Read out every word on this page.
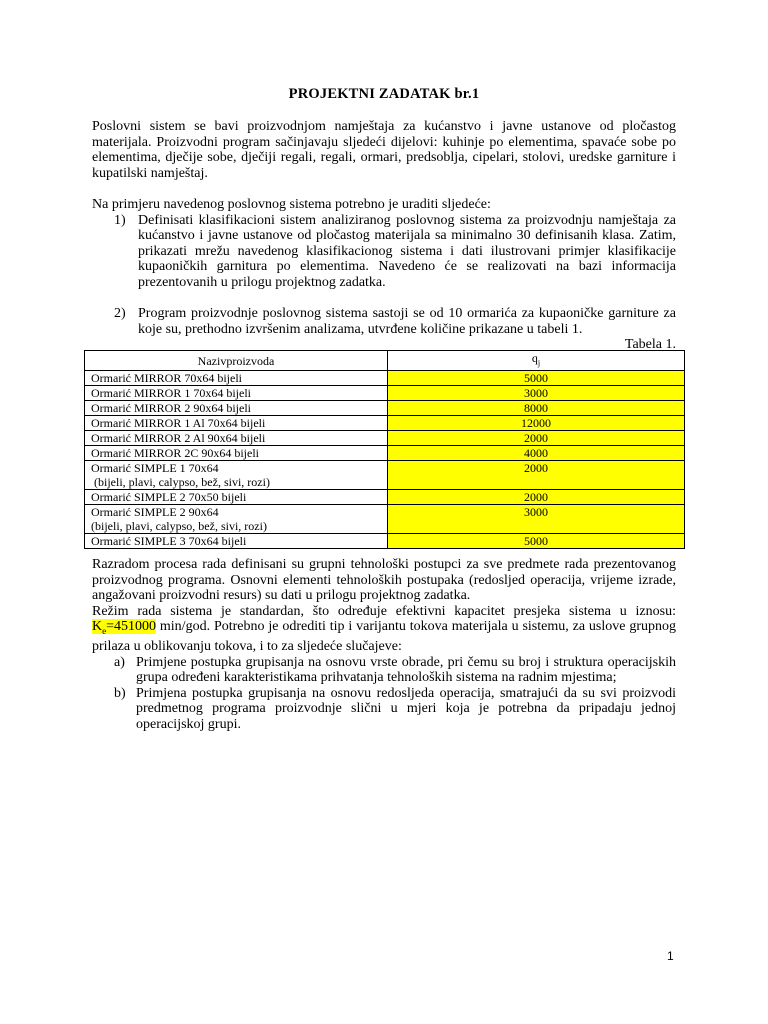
PROJEKTNI ZADATAK br.1

Poslovni sistem se bavi proizvodnjom namještaja za kućanstvo i javne ustanove od pločastog materijala. Proizvodni program sačinjavaju sljedeći dijelovi: kuhinje po elementima, spavaće sobe po elementima, dječije sobe, dječiji regali, regali, ormari, predsoblja, cipelari, stolovi, uredske garniture i kupatilski namještaj.

Na primjeru navedenog poslovnog sistema potrebno je uraditi sljedeće:

1) Definisati klasifikacioni sistem analiziranog poslovnog sistema za proizvodnju namještaja za kućanstvo i javne ustanove od pločastog materijala sa minimalno 30 definisanih klasa. Zatim, prikazati mrežu navedenog klasifikacionog sistema i dati ilustrovani primjer klasifikacije kupaoničkih garnitura po elementima. Navedeno će se realizovati na bazi informacija prezentovanih u prilogu projektnog zadatka.
2) Program proizvodnje poslovnog sistema sastoji se od 10 ormarića za kupaoničke garniture za koje su, prethodno izvršenim analizama, utvrđene količine prikazane u tabeli 1.
Tabela 1.
Nazivproizvoda	$q_j$

Ormarić MIRROR 70x64 bijeli	5000

Ormarić MIRROR 1 70x64 bijeli	3000

Ormarić MIRROR 2 90x64 bijeli	8000

Ormarić MIRROR 1 Al 70x64 bijeli	12000

Ormarić MIRROR 2 Al 90x64 bijeli	2000

Ormarić MIRROR 2C 90x64 bijeli	4000

Ormarić SIMPLE 1 70x64
(bijeli, plavi, calypso, bež, sivi, rozi)	2000

Ormarić SIMPLE 2 70x50 bijeli	2000

Ormarić SIMPLE 2 90x64
(bijeli, plavi, calypso, bež, sivi, rozi)	3000

Ormarić SIMPLE 3 70x64 bijeli	5000

Razradom procesa rada definisani su grupni tehnološki postupci za sve predmete rada prezentovanog proizvodnog programa. Osnovni elementi tehnoloških postupaka (redosljed operacija, vrijeme izrade, angažovani proizvodni resurs) su dati u prilogu projektnog zadatka.

Režim rada sistema je standardan, što određuje efektivni kapacitet presjeka sistema u iznosu: $K_e=451000$ min/god. Potrebno je odrediti tip i varijantu tokova materijala u sistemu, za uslove grupnog prilaza u oblikovanju tokova, i to za sljedeće slučajeve:

a) Primjene postupka grupisanja na osnovu vrste obrade, pri čemu su broj i struktura operacijskih grupa određeni karakteristikama prihvatanja tehnoloških sistema na radnim mjestima;
b) Primjena postupka grupisanja na osnovu redosljeda operacija, smatrajući da su svi proizvodi predmetnog programa proizvodnje slični u mjeri koja je potrebna da pripadaju jednoj operacijskoj grupi.
1
